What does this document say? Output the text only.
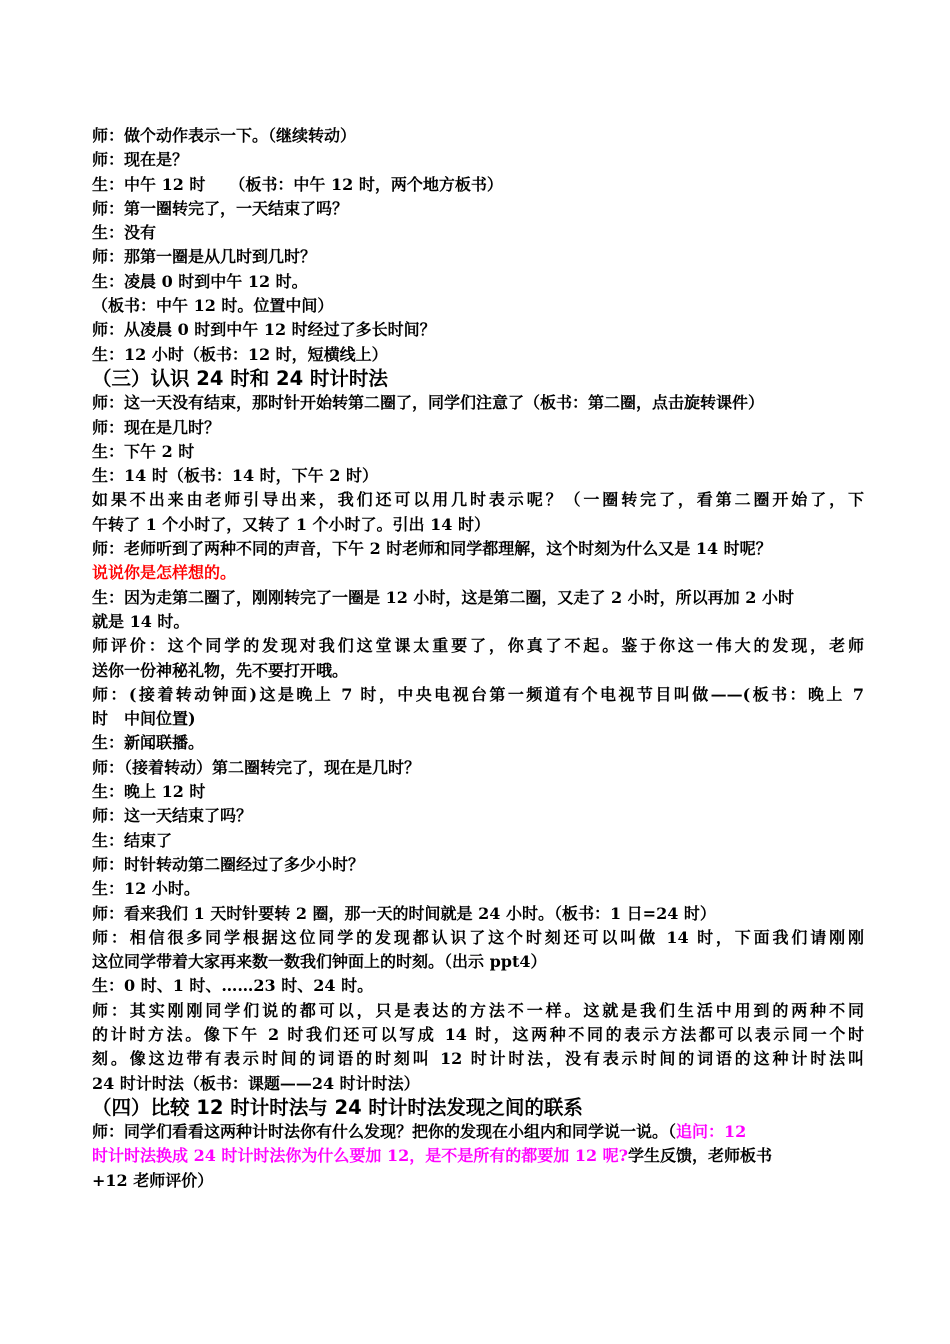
师：做个动作表示一下。（继续转动）
师：现在是？
生：中午 12 时　　（板书：中午 12 时，两个地方板书）
师：第一圈转完了，一天结束了吗？
生：没有
师：那第一圈是从几时到几时？
生：凌晨 0 时到中午 12 时。
（板书：中午 12 时。位置中间）
师：从凌晨 0 时到中午 12 时经过了多长时间？
生：12 小时（板书：12 时，短横线上）
（三）认识 24 时和 24 时计时法
师：这一天没有结束，那时针开始转第二圈了，同学们注意了（板书：第二圈，点击旋转课件）
师：现在是几时？
生：下午 2 时
生：14 时（板书：14 时，下午 2 时）
如果不出来由老师引导出来，我们还可以用几时表示呢？（一圈转完了，看第二圈开始了，下
午转了 1 个小时了，又转了 1 个小时了。引出 14 时）
师：老师听到了两种不同的声音，下午 2 时老师和同学都理解，这个时刻为什么又是 14 时呢？
说说你是怎样想的。
生：因为走第二圈了，刚刚转完了一圈是 12 小时，这是第二圈，又走了 2 小时，所以再加 2 小时
就是 14 时。
师评价：这个同学的发现对我们这堂课太重要了，你真了不起。鉴于你这一伟大的发现，老师
送你一份神秘礼物，先不要打开哦。
师：(接着转动钟面)这是晚上 7 时，中央电视台第一频道有个电视节目叫做——(板书：晚上 7
时　中间位置)
生：新闻联播。
师：（接着转动）第二圈转完了，现在是几时？
生：晚上 12 时
师：这一天结束了吗？
生：结束了
师：时针转动第二圈经过了多少小时？
生：12 小时。
师：看来我们 1 天时针要转 2 圈，那一天的时间就是 24 小时。（板书：1 日=24 时）
师：相信很多同学根据这位同学的发现都认识了这个时刻还可以叫做 14 时，下面我们请刚刚
这位同学带着大家再来数一数我们钟面上的时刻。（出示 ppt4）
生：0 时、1 时、……23 时、24 时。
师：其实刚刚同学们说的都可以，只是表达的方法不一样。这就是我们生活中用到的两种不同
的计时方法。像下午 2 时我们还可以写成 14 时，这两种不同的表示方法都可以表示同一个时
刻。像这边带有表示时间的词语的时刻叫 12 时计时法，没有表示时间的词语的这种计时法叫
24 时计时法（板书：课题——24 时计时法）
（四）比较 12 时计时法与 24 时计时法发现之间的联系
师：同学们看看这两种计时法你有什么发现？把你的发现在小组内和同学说一说。（追问：12
时计时法换成 24 时计时法你为什么要加 12，是不是所有的都要加 12 呢?学生反馈，老师板书
+12 老师评价）
